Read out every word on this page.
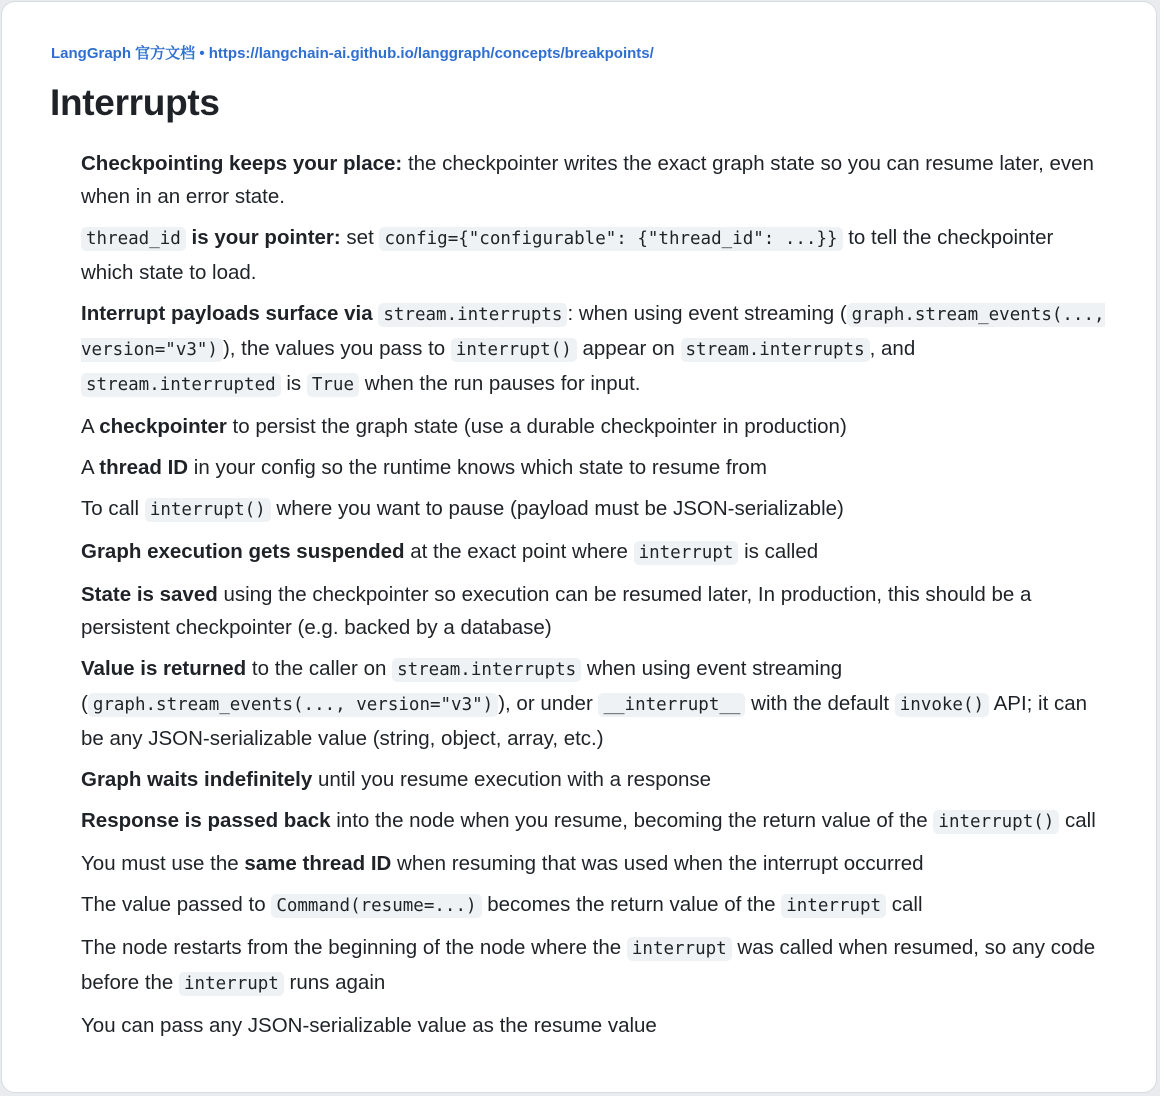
LangGraph 官方文档 • https://langchain-ai.github.io/langgraph/concepts/breakpoints/
Interrupts

Checkpointing keeps your place: the checkpointer writes the exact graph state so you can resume later, even when in an error state.

thread_id is your pointer: set config={"configurable": {"thread_id": ...}} to tell the checkpointer which state to load.

Interrupt payloads surface via stream.interrupts : when using event streaming ( graph.stream_events(..., version="v3") ), the values you pass to interrupt() appear on stream.interrupts , and stream.interrupted is True when the run pauses for input.

A checkpointer to persist the graph state (use a durable checkpointer in production)

A thread ID in your config so the runtime knows which state to resume from

To call interrupt() where you want to pause (payload must be JSON-serializable)

Graph execution gets suspended at the exact point where interrupt is called

State is saved using the checkpointer so execution can be resumed later, In production, this should be a persistent checkpointer (e.g. backed by a database)

Value is returned to the caller on stream.interrupts when using event streaming ( graph.stream_events(..., version="v3") ), or under __interrupt__ with the default invoke() API; it can be any JSON-serializable value (string, object, array, etc.)

Graph waits indefinitely until you resume execution with a response

Response is passed back into the node when you resume, becoming the return value of the interrupt() call

You must use the same thread ID when resuming that was used when the interrupt occurred

The value passed to Command(resume=...) becomes the return value of the interrupt call

The node restarts from the beginning of the node where the interrupt was called when resumed, so any code before the interrupt runs again

You can pass any JSON-serializable value as the resume value
